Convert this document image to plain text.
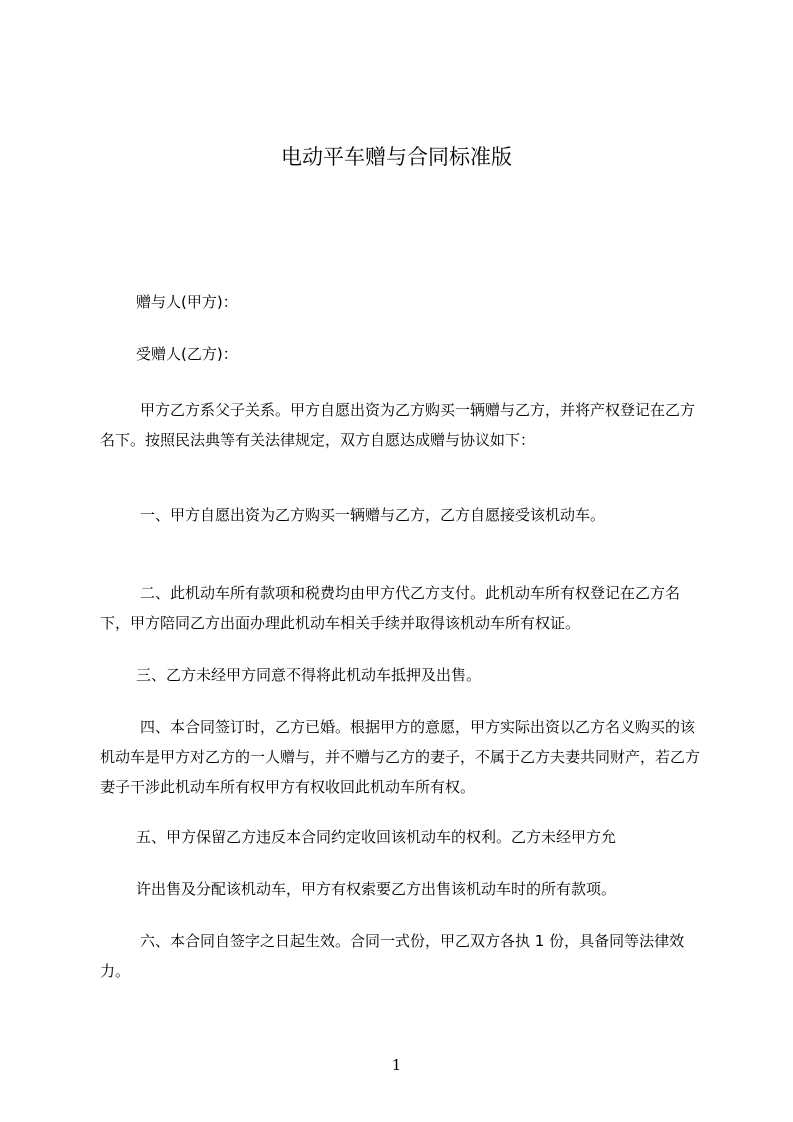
电动平车赠与合同标准版
赠与人(甲方)：
受赠人(乙方)：
甲方乙方系父子关系。甲方自愿出资为乙方购买一辆赠与乙方，并将产权登记在乙方名下。按照民法典等有关法律规定，双方自愿达成赠与协议如下：
一、甲方自愿出资为乙方购买一辆赠与乙方，乙方自愿接受该机动车。
二、此机动车所有款项和税费均由甲方代乙方支付。此机动车所有权登记在乙方名下，甲方陪同乙方出面办理此机动车相关手续并取得该机动车所有权证。
三、乙方未经甲方同意不得将此机动车抵押及出售。
四、本合同签订时，乙方已婚。根据甲方的意愿，甲方实际出资以乙方名义购买的该机动车是甲方对乙方的一人赠与，并不赠与乙方的妻子，不属于乙方夫妻共同财产，若乙方妻子干涉此机动车所有权甲方有权收回此机动车所有权。
五、甲方保留乙方违反本合同约定收回该机动车的权利。乙方未经甲方允
许出售及分配该机动车，甲方有权索要乙方出售该机动车时的所有款项。
六、本合同自签字之日起生效。合同一式份，甲乙双方各执 1 份，具备同等法律效力。
1
